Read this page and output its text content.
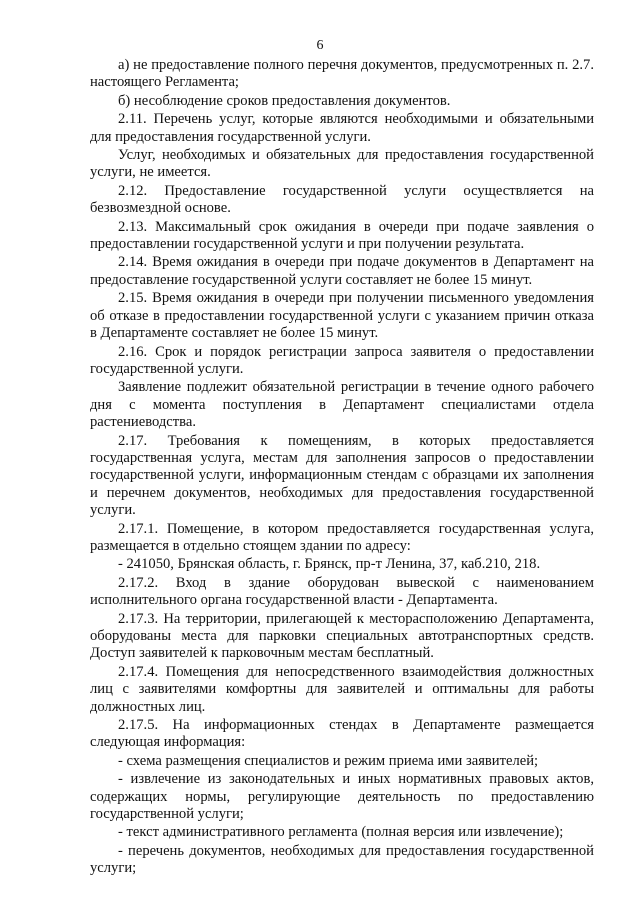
6

а) не предоставление полного перечня документов, предусмотренных п. 2.7. настоящего Регламента;

б) несоблюдение сроков предоставления документов.

2.11. Перечень услуг, которые являются необходимыми и обязательными для предоставления государственной услуги.

Услуг, необходимых и обязательных для предоставления государственной услуги, не имеется.

2.12. Предоставление государственной услуги осуществляется на безвозмездной основе.

2.13. Максимальный срок ожидания в очереди при подаче заявления о предоставлении государственной услуги и при получении результата.

2.14. Время ожидания в очереди при подаче документов в Департамент на предоставление государственной услуги составляет не более 15 минут.

2.15. Время ожидания в очереди при получении письменного уведомления об отказе в предоставлении государственной услуги с указанием причин отказа в Департаменте составляет не более 15 минут.

2.16. Срок и порядок регистрации запроса заявителя о предоставлении государственной услуги.

Заявление подлежит обязательной регистрации в течение одного рабочего дня с момента поступления в Департамент специалистами отдела растениеводства.

2.17. Требования к помещениям, в которых предоставляется государственная услуга, местам для заполнения запросов о предоставлении государственной услуги, информационным стендам с образцами их заполнения и перечнем документов, необходимых для предоставления государственной услуги.

2.17.1. Помещение, в котором предоставляется государственная услуга, размещается в отдельно стоящем здании по адресу:

- 241050, Брянская область, г. Брянск, пр-т Ленина, 37, каб.210, 218.

2.17.2. Вход в здание оборудован вывеской с наименованием исполнительного органа государственной власти - Департамента.

2.17.3. На территории, прилегающей к месторасположению Департамента, оборудованы места для парковки специальных автотранспортных средств. Доступ заявителей к парковочным местам бесплатный.

2.17.4. Помещения для непосредственного взаимодействия должностных лиц с заявителями комфортны для заявителей и оптимальны для работы должностных лиц.

2.17.5. На информационных стендах в Департаменте размещается следующая информация:

- схема размещения специалистов и режим приема ими заявителей;

- извлечение из законодательных и иных нормативных правовых актов, содержащих нормы, регулирующие деятельность по предоставлению государственной услуги;

- текст административного регламента (полная версия или извлечение);

- перечень документов, необходимых для предоставления государственной услуги;
